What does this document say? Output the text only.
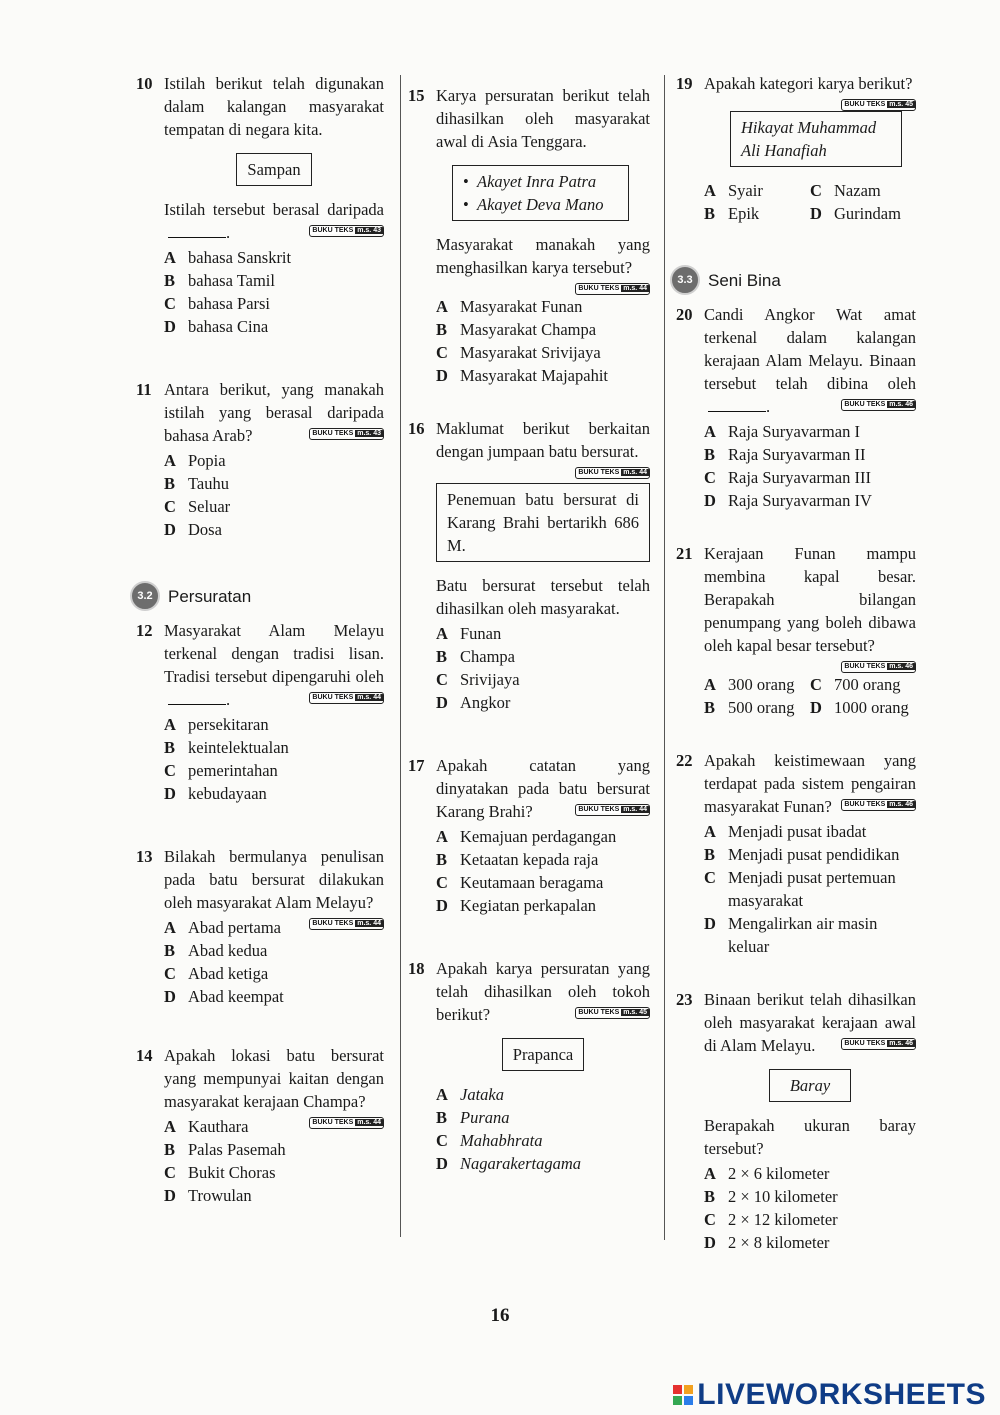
10 Istilah berikut telah digunakan dalam kalangan masyarakat tempatan di negara kita.
Sampan
Istilah tersebut berasal daripada.	BUKU TEKS m.s. 43
A bahasa Sanskrit
B bahasa Tamil
C bahasa Parsi
D bahasa Cina
11 Antara berikut, yang manakah istilah yang berasal daripada bahasa Arab?	BUKU TEKS m.s. 43
A Popia
B Tauhu
C Seluar
D Dosa
3.2 Persuratan
12 Masyarakat Alam Melayu terkenal dengan tradisi lisan. Tradisi tersebut dipengaruhi oleh.	BUKU TEKS m.s. 44
A persekitaran
B keintelektualan
C pemerintahan
D kebudayaan
13 Bilakah bermulanya penulisan pada batu bersurat dilakukan oleh masyarakat Alam Melayu?
BUKU TEKS m.s. 44
A Abad pertama
B Abad kedua
C Abad ketiga
D Abad keempat
14 Apakah lokasi batu bersurat yang mempunyai kaitan dengan masyarakat kerajaan Champa?
BUKU TEKS m.s. 44
A Kauthara
B Palas Pasemah
C Bukit Choras
D Trowulan
15 Karya persuratan berikut telah dihasilkan oleh masyarakat awal di Asia Tenggara.
• Akayet Inra Patra
• Akayet Deva Mano
Masyarakat manakah yang menghasilkan karya tersebut?
BUKU TEKS m.s. 44
A Masyarakat Funan
B Masyarakat Champa
C Masyarakat Srivijaya
D Masyarakat Majapahit
16 Maklumat berikut berkaitan dengan jumpaan batu bersurat.
BUKU TEKS m.s. 44
Penemuan batu bersurat di Karang Brahi bertarikh 686 M.
Batu bersurat tersebut telah dihasilkan oleh masyarakat.
A Funan
B Champa
C Srivijaya
D Angkor
17 Apakah catatan yang dinyatakan pada batu bersurat Karang Brahi?	BUKU TEKS m.s. 44
A Kemajuan perdagangan
B Ketaatan kepada raja
C Keutamaan beragama
D Kegiatan perkapalan
18 Apakah karya persuratan yang telah dihasilkan oleh tokoh berikut?	BUKU TEKS m.s. 45
Prapanca
A Jataka
B Purana
C Mahabhrata
D Nagarakertagama
19 Apakah kategori karya berikut?
BUKU TEKS m.s. 45
Hikayat Muhammad Ali Hanafiah
A Syair	C Nazam
B Epik	D Gurindam
3.3 Seni Bina
20 Candi Angkor Wat amat terkenal dalam kalangan kerajaan Alam Melayu. Binaan tersebut telah dibina oleh.	BUKU TEKS m.s. 46
A Raja Suryavarman I
B Raja Suryavarman II
C Raja Suryavarman III
D Raja Suryavarman IV
21 Kerajaan Funan mampu membina kapal besar. Berapakah bilangan penumpang yang boleh dibawa oleh kapal besar tersebut?
BUKU TEKS m.s. 46
A 300 orang C 700 orang
B 500 orang D 1000 orang
22 Apakah keistimewaan yang terdapat pada sistem pengairan masyarakat Funan?	BUKU TEKS m.s. 46
A Menjadi pusat ibadat
B Menjadi pusat pendidikan
C Menjadi pusat pertemuan masyarakat
D Mengalirkan air masin keluar
23 Binaan berikut telah dihasilkan oleh masyarakat kerajaan awal di Alam Melayu.	BUKU TEKS m.s. 46
Baray
Berapakah ukuran baray tersebut?
A 2 × 6 kilometer
B 2 × 10 kilometer
C 2 × 12 kilometer
D 2 × 8 kilometer
16
LIVEWORKSHEETS
